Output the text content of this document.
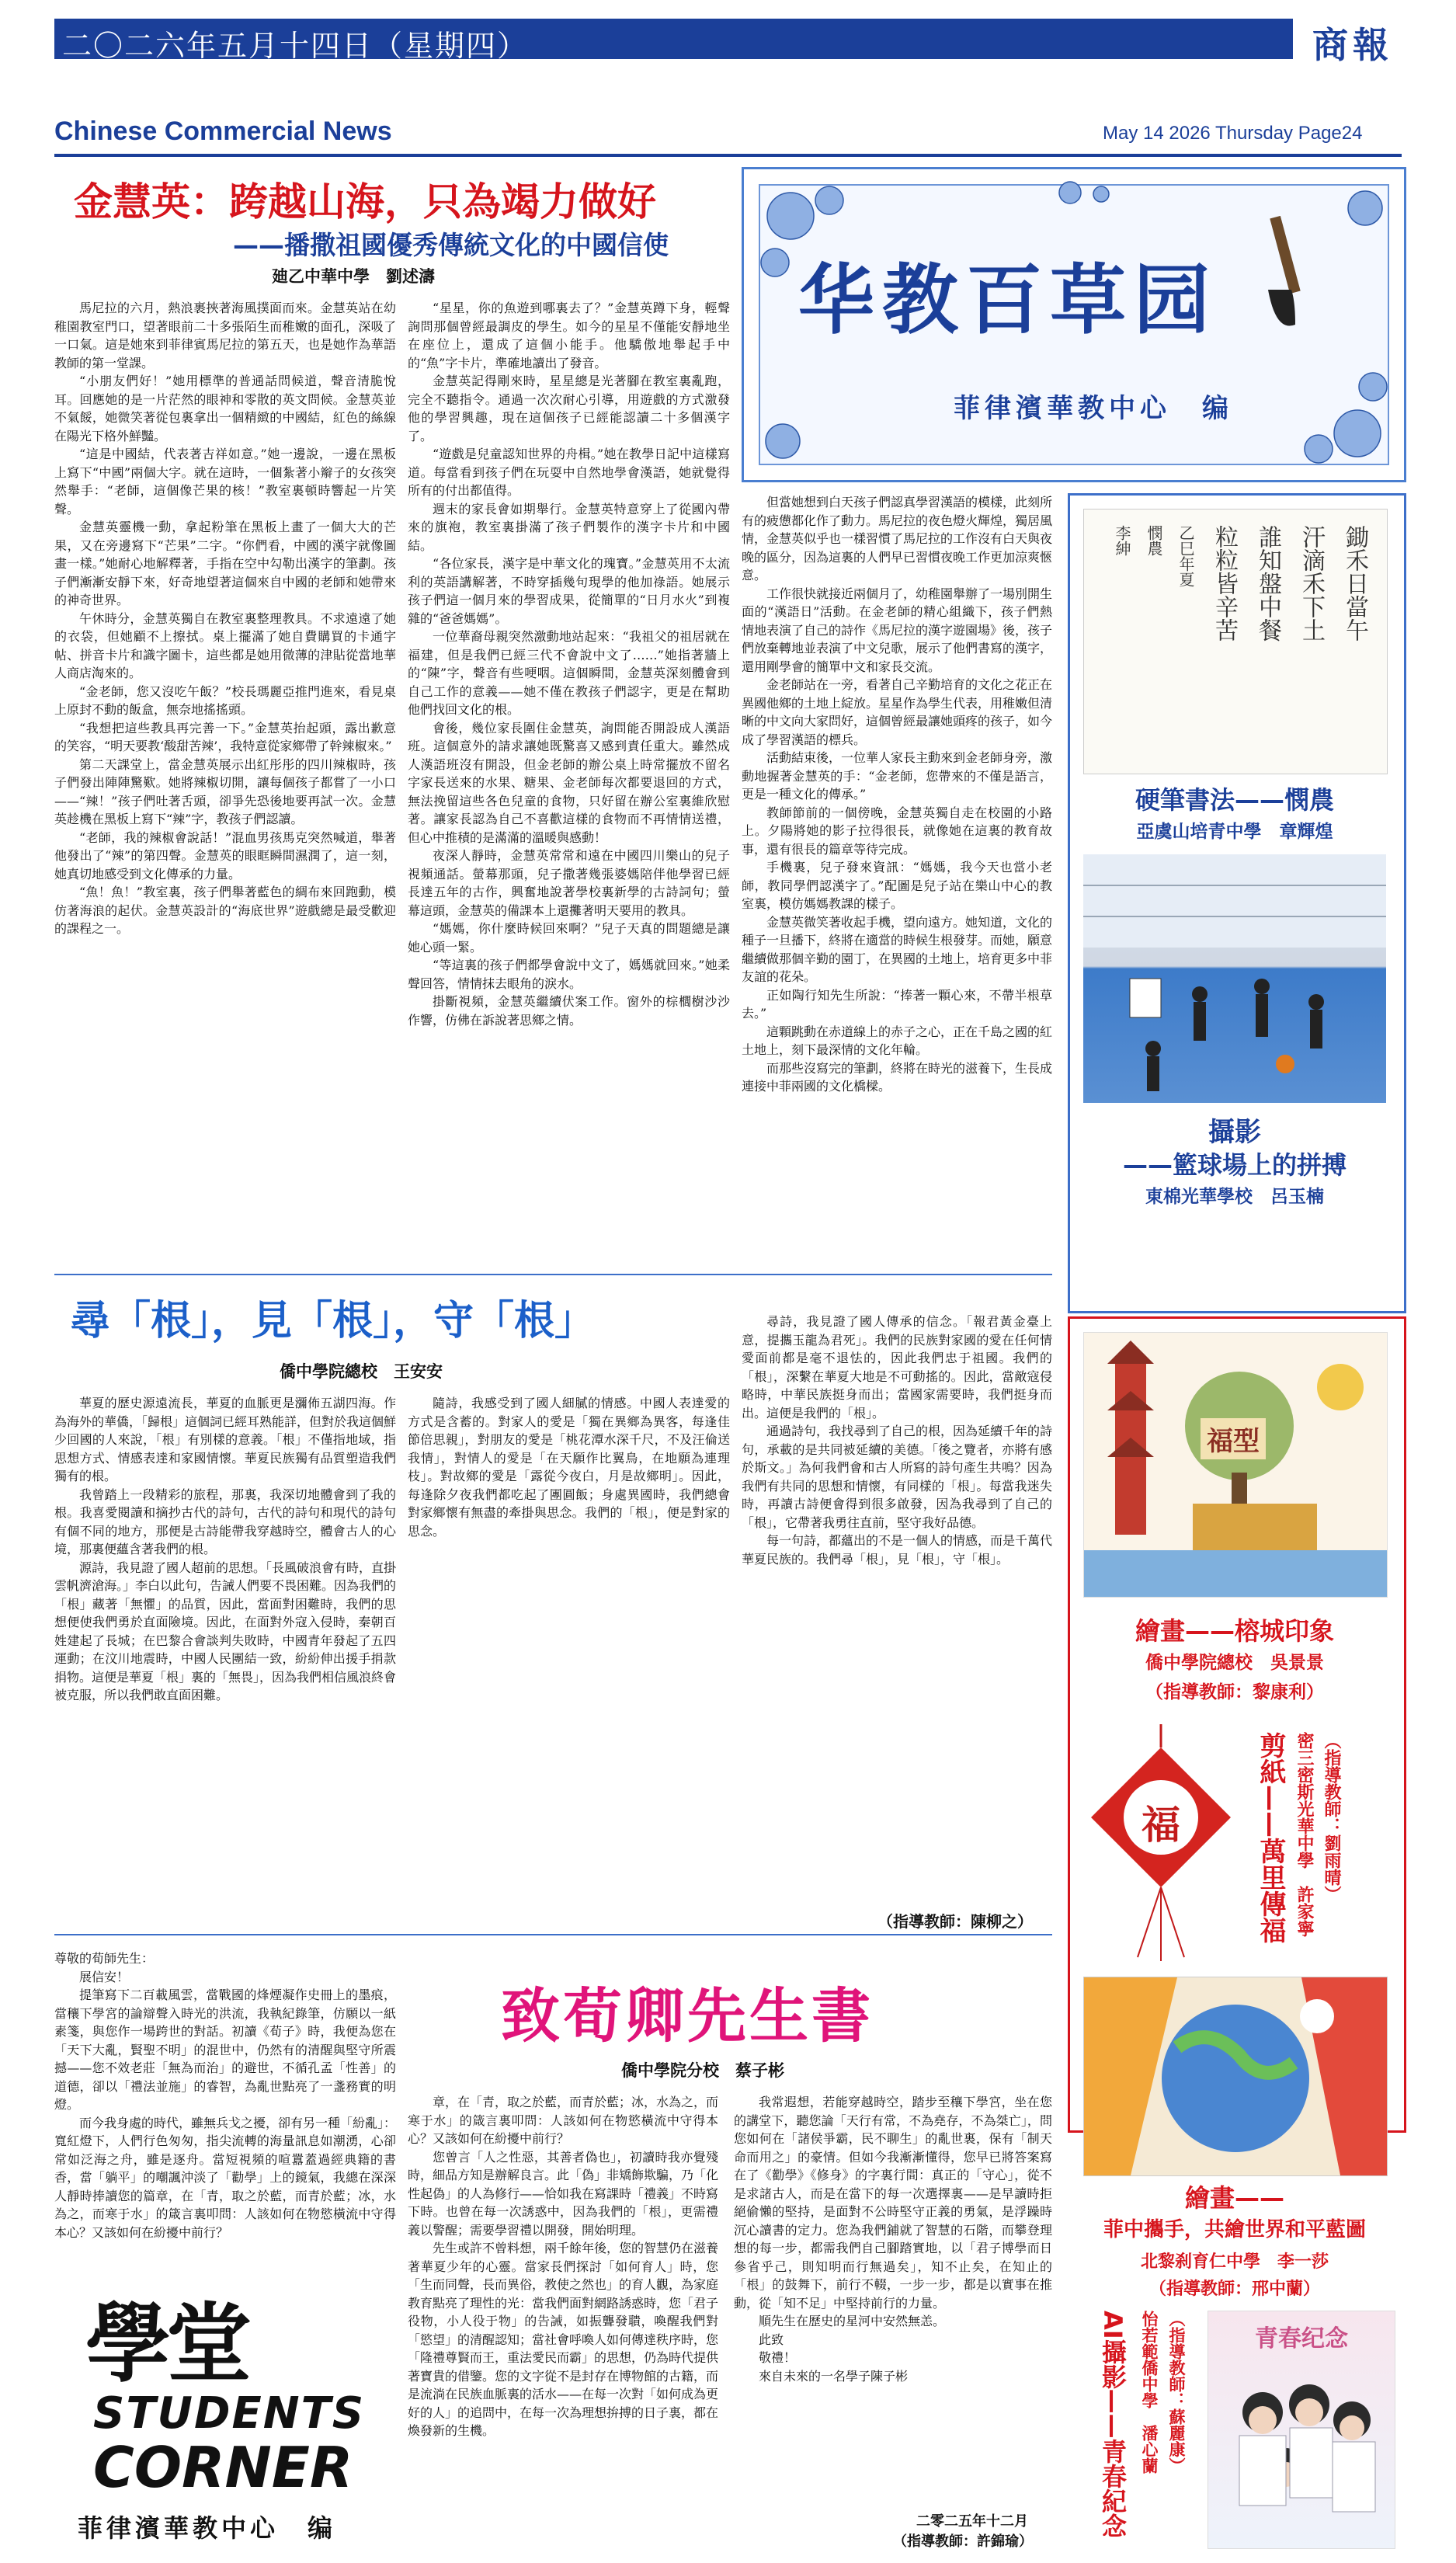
二〇二六年五月十四日（星期四）	商報
Chinese Commercial News	May 14 2026 Thursday Page24
金慧英：跨越山海，只為竭力做好
——播撒祖國優秀傳統文化的中國信使
廸乙中華中學　 劉述濤

馬尼拉的六月，熱浪裹挾著海風撲面而來。金慧英站在幼稚園教室門口，望著眼前二十多張陌生而稚嫩的面孔，深吸了一口氣。這是她來到菲律賓馬尼拉的第五天，也是她作為華語教師的第一堂課。

“小朋友們好！”她用標準的普通話問候道，聲音清脆悅耳。回應她的是一片茫然的眼神和零散的英文問候。金慧英並不氣餒，她微笑著從包裏拿出一個精緻的中國結，紅色的絲線在陽光下格外鮮豔。

“這是中國結，代表著吉祥如意。”她一邊說，一邊在黑板上寫下“中國”兩個大字。就在這時，一個紮著小辮子的女孩突然舉手：“老師，這個像芒果的核！”教室裏頓時響起一片笑聲。

金慧英靈機一動，拿起粉筆在黑板上畫了一個大大的芒果，又在旁邊寫下“芒果”二字。“你們看，中國的漢字就像圖畫一樣。”她耐心地解釋著，手指在空中勾勒出漢字的筆劃。孩子們漸漸安靜下來，好奇地望著這個來自中國的老師和她帶來的神奇世界。

午休時分，金慧英獨自在教室裏整理教具。不求遠遠了她的衣袋，但她顧不上擦拭。桌上擺滿了她自費購買的卡通字帖、拼音卡片和識字圖卡，這些都是她用微薄的津貼從當地華人商店淘來的。

“金老師，您又沒吃午飯？”校長瑪麗亞推門進來，看見桌上原封不動的飯盒，無奈地搖搖頭。

“我想把這些教具再完善一下。”金慧英抬起頭，露出歉意的笑容，“明天要教‘酸甜苦辣’，我特意從家鄉帶了幹辣椒來。”

第二天課堂上，當金慧英展示出紅彤彤的四川辣椒時，孩子們發出陣陣驚歎。她將辣椒切開，讓每個孩子都嘗了一小口——“辣！”孩子們吐著舌頭，卻爭先恐後地要再試一次。金慧英趁機在黑板上寫下“辣”字，教孩子們認讀。

“老師，我的辣椒會說話！”混血男孩馬克突然喊道，舉著他發出了“辣”的第四聲。金慧英的眼眶瞬間濕潤了，這一刻，她真切地感受到文化傳承的力量。

“魚！魚！”教室裏，孩子們舉著藍色的綢布來回跑動，模仿著海浪的起伏。金慧英設計的“海底世界”遊戲總是最受歡迎的課程之一。

“星星，你的魚遊到哪裏去了？”金慧英蹲下身，輕聲詢問那個曾經最調皮的學生。如今的星星不僅能安靜地坐在座位上，還成了這個小能手。他驕傲地舉起手中的“魚”字卡片，準確地讀出了發音。

金慧英記得剛來時，星星總是光著腳在教室裏亂跑，完全不聽指令。通過一次次耐心引導，用遊戲的方式激發他的學習興趣，現在這個孩子已經能認讀二十多個漢字了。

“遊戲是兒童認知世界的舟楫。”她在教學日記中這樣寫道。每當看到孩子們在玩耍中自然地學會漢語，她就覺得所有的付出都值得。

週末的家長會如期舉行。金慧英特意穿上了從國內帶來的旗袍，教室裏掛滿了孩子們製作的漢字卡片和中國結。

“各位家長，漢字是中華文化的瑰寶。”金慧英用不太流利的英語講解著，不時穿插幾句現學的他加祿語。她展示孩子們這一個月來的學習成果，從簡單的“日月水火”到複雜的“爸爸媽媽”。

一位華裔母親突然激動地站起來：“我祖父的祖居就在福建，但是我們已經三代不會說中文了……”她指著牆上的“陳”字，聲音有些哽咽。這個瞬間，金慧英深刻體會到自己工作的意義——她不僅在教孩子們認字，更是在幫助他們找回文化的根。

會後，幾位家長圍住金慧英，詢問能否開設成人漢語班。這個意外的請求讓她既驚喜又感到責任重大。雖然成人漢語班沒有開設，但金老師的辦公桌上時常擺放不留名字家長送來的水果、糖果、金老師每次都要退回的方式，無法挽留這些各色兒童的食物，只好留在辦公室裏維欣慰著。讓家長認為自己不喜歡這樣的食物而不再情情送禮，但心中推積的是滿滿的溫暖與感動！

夜深人靜時，金慧英常常和遠在中國四川樂山的兒子視頻通話。螢幕那頭，兒子撒著幾張婆媽陪伴他學習已經長達五年的古作，興奮地說著學校裏新學的古詩詞句；螢幕這頭，金慧英的備課本上還攤著明天要用的教具。

“媽媽，你什麼時候回來啊？”兒子天真的問題總是讓她心頭一緊。

“等這裏的孩子們都學會說中文了，媽媽就回來。”她柔聲回答，情情抹去眼角的淚水。

掛斷視頻，金慧英繼續伏案工作。窗外的棕櫚樹沙沙作響，仿佛在訴說著思鄉之情。

但當她想到白天孩子們認真學習漢語的模樣，此刻所有的疲憊都化作了動力。馬尼拉的夜色燈火輝煌，獨居風情，金慧英似乎也一樣習慣了馬尼拉的工作沒有白天與夜晚的區分，因為這裏的人們早已習慣夜晚工作更加涼爽愜意。

工作很快就接近兩個月了，幼稚園舉辦了一場別開生面的“漢語日”活動。在金老師的精心組織下，孩子們熱情地表演了自己的詩作《馬尼拉的漢字遊園場》後，孩子們放棄轉地並表演了中文兒歌，展示了他們書寫的漢字，還用剛學會的簡單中文和家長交流。

金老師站在一旁，看著自己辛勤培育的文化之花正在異國他鄉的土地上綻放。星星作為學生代表，用稚嫩但清晰的中文向大家問好，這個曾經最讓她頭疼的孩子，如今成了學習漢語的標兵。

活動結束後，一位華人家長主動來到金老師身旁，激動地握著金慧英的手：“金老師，您帶來的不僅是語言，更是一種文化的傳承。”

教師節前的一個傍晚，金慧英獨自走在校園的小路上。夕陽將她的影子拉得很長，就像她在這裏的教育故事，還有很長的篇章等待完成。

手機裏，兒子發來資訊：“媽媽，我今天也當小老師，教同學們認漢字了。”配圖是兒子站在樂山中心的教室裏，模仿媽媽教課的樣子。

金慧英微笑著收起手機，望向遠方。她知道，文化的種子一旦播下，終將在適當的時候生根發芽。而她，願意繼續做那個辛勤的園丁，在異國的土地上，培育更多中菲友誼的花朵。

正如陶行知先生所說：“捧著一顆心來，不帶半根草去。”

這顆跳動在赤道線上的赤子之心，正在千島之國的紅土地上，刻下最深情的文化年輪。

而那些沒寫完的筆劃，終將在時光的滋養下，生長成連接中菲兩國的文化橋樑。

华教百草园
菲律濱華教中心　 编
鋤禾日當午
汗滴禾下土
誰知盤中餐
粒粒皆辛苦
乙巳年夏
憫農
李紳
硬筆書法——憫農
亞虞山培青中學　章輝煌
攝影
——籃球場上的拼搏
東棉光華學校　呂玉楠
尋「根」，見「根」，守「根」
僑中學院總校　 王安安

華夏的歷史源遠流長，華夏的血脈更是瀰佈五湖四海。作為海外的華僑，「歸根」這個詞已經耳熟能詳，但對於我這個鮮少回國的人來說，「根」有別樣的意義。「根」不僅指地域，指思想方式、情感表達和家國情懷。華夏民族獨有品質塑造我們獨有的根。

我曾踏上一段精彩的旅程，那裏，我深切地體會到了我的根。我喜愛閱讀和摘抄古代的詩句，古代的詩句和現代的詩句有個不同的地方，那便是古詩能帶我穿越時空，體會古人的心境，那裏便蘊含著我們的根。

源詩，我見證了國人超前的思想。「長風破浪會有時，直掛雲帆濟滄海。」李白以此句，告誡人們要不畏困難。因為我們的「根」藏著「無懼」的品質，因此，當面對困難時，我們的思想便使我們勇於直面險境。因此，在面對外寇入侵時，秦朝百姓建起了長城；在巴黎合會談判失敗時，中國青年發起了五四運動；在汶川地震時，中國人民團結一致，紛紛伸出援手捐款捐物。這便是華夏「根」裏的「無畏」，因為我們相信風浪終會被克服，所以我們敢直面困難。

隨詩，我感受到了國人細膩的情感。中國人表達愛的方式是含蓄的。對家人的愛是「獨在異鄉為異客，每逢佳節倍思親」，對朋友的愛是「桃花潭水深千尺，不及汪倫送我情」，對情人的愛是「在天願作比翼鳥，在地願為連理枝」。對故鄉的愛是「露從今夜白，月是故鄉明」。因此，每逢除夕夜我們都吃起了團圓飯；身處異國時，我們總會對家鄉懷有無盡的牽掛與思念。我們的「根」，便是對家的思念。

尋詩，我見證了國人傳承的信念。「報君黃金臺上意，提攜玉龍為君死」。我們的民族對家國的愛在任何情愛面前都是毫不退怯的，因此我們忠于祖國。我們的「根」，深繫在華夏大地是不可動搖的。因此，當敵寇侵略時，中華民族挺身而出；當國家需要時，我們挺身而出。這便是我們的「根」。

通過詩句，我找尋到了自己的根，因為延續千年的詩句，承載的是共同被延續的美德。「後之覽者，亦將有感於斯文。」為何我們會和古人所寫的詩句產生共鳴？因為我們有共同的思想和情懷，有同樣的「根」。每當我迷失時，再讀古詩便會得到很多啟發，因為我尋到了自己的「根」，它帶著我勇往直前，堅守我好品德。

每一句詩，都蘊出的不是一個人的情感，而是千萬代華夏民族的。我們尋「根」，見「根」，守「根」。

（指導教師：陳柳之）
福型
繪畫——榕城印象
僑中學院總校　吳景景
（指導教師：黎康利）
福	剪紙——萬里傳福 密三密斯光華中學　許家寧 （指導教師：劉雨晴）
尊敬的荀師先生：

展信安！

提筆寫下二百載風雲，當戰國的烽煙凝作史冊上的墨痕，當穰下學宮的論辯聲入時光的洪流，我執紀錄筆，仿願以一紙素箋，與您作一場跨世的對話。初讀《荀子》時，我便為您在「天下大亂，賢聖不明」的混世中，仍然有的清醒與堅守所震撼——您不效老莊「無為而治」的避世，不循孔孟「性善」的道德，卻以「禮法並施」的睿智，為亂世點亮了一盞務實的明燈。

而今我身處的時代，雖無兵戈之擾，卻有另一種「紛亂」：寬紅燈下，人們行色匆匆，指尖流轉的海量訊息如潮湧，心卻常如泛海之舟，雖是逐舟。當短視頻的喧囂蓋過經典籍的書香，當「躺平」的嘲諷沖淡了「勸學」上的鏡氣，我總在深深人靜時捧讀您的篇章，在「青，取之於藍，而青於藍；冰，水為之，而寒于水」的箴言裏叩問：人該如何在物慾橫流中守得本心？又該如何在紛擾中前行？

致荀卿先生書
僑中學院分校　 蔡子彬

章，在「青，取之於藍，而青於藍；冰，水為之，而寒于水」的箴言裏叩問：人該如何在物慾橫流中守得本心？又該如何在紛擾中前行？

您曾言「人之性惡，其善者偽也」，初讀時我亦覺殘時，細品方知是辦解良言。此「偽」非矯飾欺騙，乃「化性起偽」的人為修行——恰如我在寫課時「禮義」不時寫下時。也曾在每一次誘惑中，因為我們的「根」，更需禮義以警醒；需要學習禮以開發，開始明理。

先生或許不曾料想，兩千餘年後，您的智慧仍在滋養著華夏少年的心靈。當家長們探討「如何育人」時，您「生而同聲，長而異俗，教使之然也」的育人觀，為家庭教育點亮了理性的光：當我們面對網路誘惑時，您「君子役物，小人役于物」的告誡，如振聾發聵，喚醒我們對「慾望」的清醒認知；當社會呼喚人如何傳達秩序時，您「隆禮尊賢而王，重法愛民而霸」的思想，仍為時代提供著寶貴的借鑒。您的文字從不是封存在博物館的古籍，而是流淌在民族血脈裏的活水——在每一次對「如何成為更好的人」的追問中，在每一次為理想拚搏的日子裏，都在煥發新的生機。

我常遐想，若能穿越時空，踏步至穰下學宮，坐在您的講堂下，聽您論「天行有常，不為堯存，不為桀亡」，問您如何在「諸侯爭霸，民不聊生」的亂世裏，保有「制天命而用之」的豪情。但如今我漸漸懂得，您早已將答案寫在了《勸學》《修身》的字裏行間：真正的「守心」，從不是求諸古人，而是在當下的每一次選擇裏——是早讀時拒絕偷懶的堅持，是面對不公時堅守正義的勇氣，是浮躁時沉心讀書的定力。您為我們鋪就了智慧的石階，而攀登理想的每一步，都需我們自己腳踏實地，以「君子博學而日參省乎己，則知明而行無過矣」，知不止矣，在知止的「根」的鼓舞下，前行不輟，一步一步，都是以實事在推動，從「知不足」中堅持前行的力量。

順先生在歷史的星河中安然無恙。

此致

敬禮！

來自未來的一名學子陳子彬

二零二五年十二月
（指導教師：許錦瑜）
學堂
STUDENTS
CORNER
菲律濱華教中心　 编
繪畫——
菲中攜手，共繪世界和平藍圖
北黎刹育仁中學　李一莎
（指導教師：邢中蘭）
AI攝影——青春紀念 怡若範僑中學　潘心蘭 （指導教師：蘇麗康）	青春纪念
